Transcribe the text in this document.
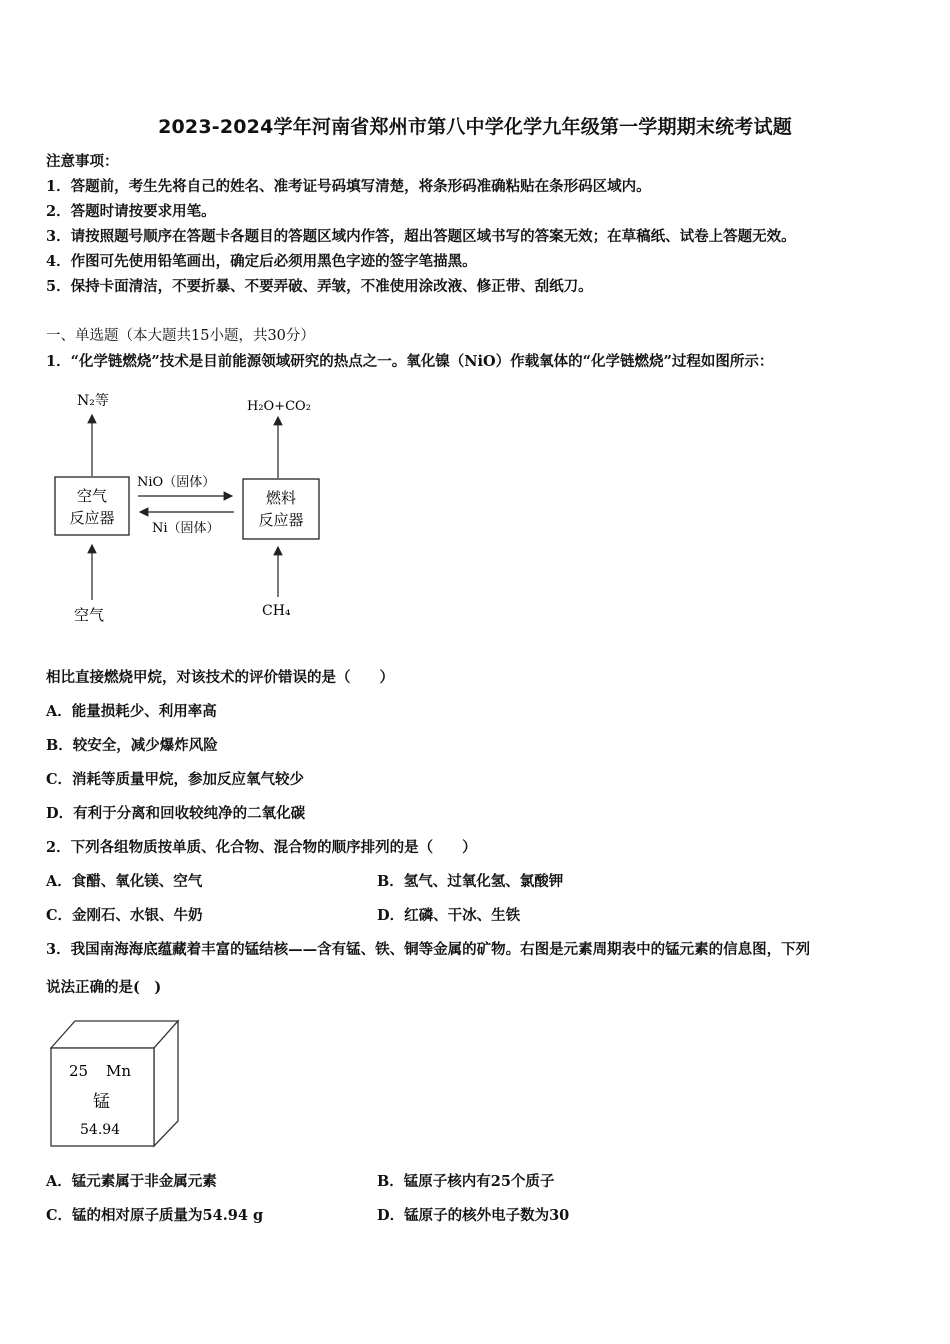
2023-2024学年河南省郑州市第八中学化学九年级第一学期期末统考试题
注意事项：
1．答题前，考生先将自己的姓名、准考证号码填写清楚，将条形码准确粘贴在条形码区域内。
2．答题时请按要求用笔。
3．请按照题号顺序在答题卡各题目的答题区域内作答，超出答题区域书写的答案无效；在草稿纸、试卷上答题无效。
4．作图可先使用铅笔画出，确定后必须用黑色字迹的签字笔描黑。
5．保持卡面清洁，不要折暴、不要弄破、弄皱，不准使用涂改液、修正带、刮纸刀。
一、单选题（本大题共15小题，共30分）
1．“化学链燃烧”技术是目前能源领域研究的热点之一。氧化镍（NiO）作载氧体的“化学链燃烧”过程如图所示：
空气
反应器
燃料
反应器
N₂等	H₂O+CO₂
NiO（固体）
Ni（固体）
空气	CH₄
相比直接燃烧甲烷，对该技术的评价错误的是（　　）
A．能量损耗少、利用率高
B．较安全，减少爆炸风险
C．消耗等质量甲烷，参加反应氧气较少
D．有利于分离和回收较纯净的二氧化碳
2．下列各组物质按单质、化合物、混合物的顺序排列的是（　　）
A．食醋、氧化镁、空气	B．氢气、过氧化氢、氯酸钾
C．金刚石、水银、牛奶	D．红磷、干冰、生铁
3．我国南海海底蕴藏着丰富的锰结核——含有锰、铁、铜等金属的矿物。右图是元素周期表中的锰元素的信息图，下列
说法正确的是(　)
25 Mn
锰
54.94
A．锰元素属于非金属元素	B．锰原子核内有25个质子
C．锰的相对原子质量为54.94 g	D．锰原子的核外电子数为30
